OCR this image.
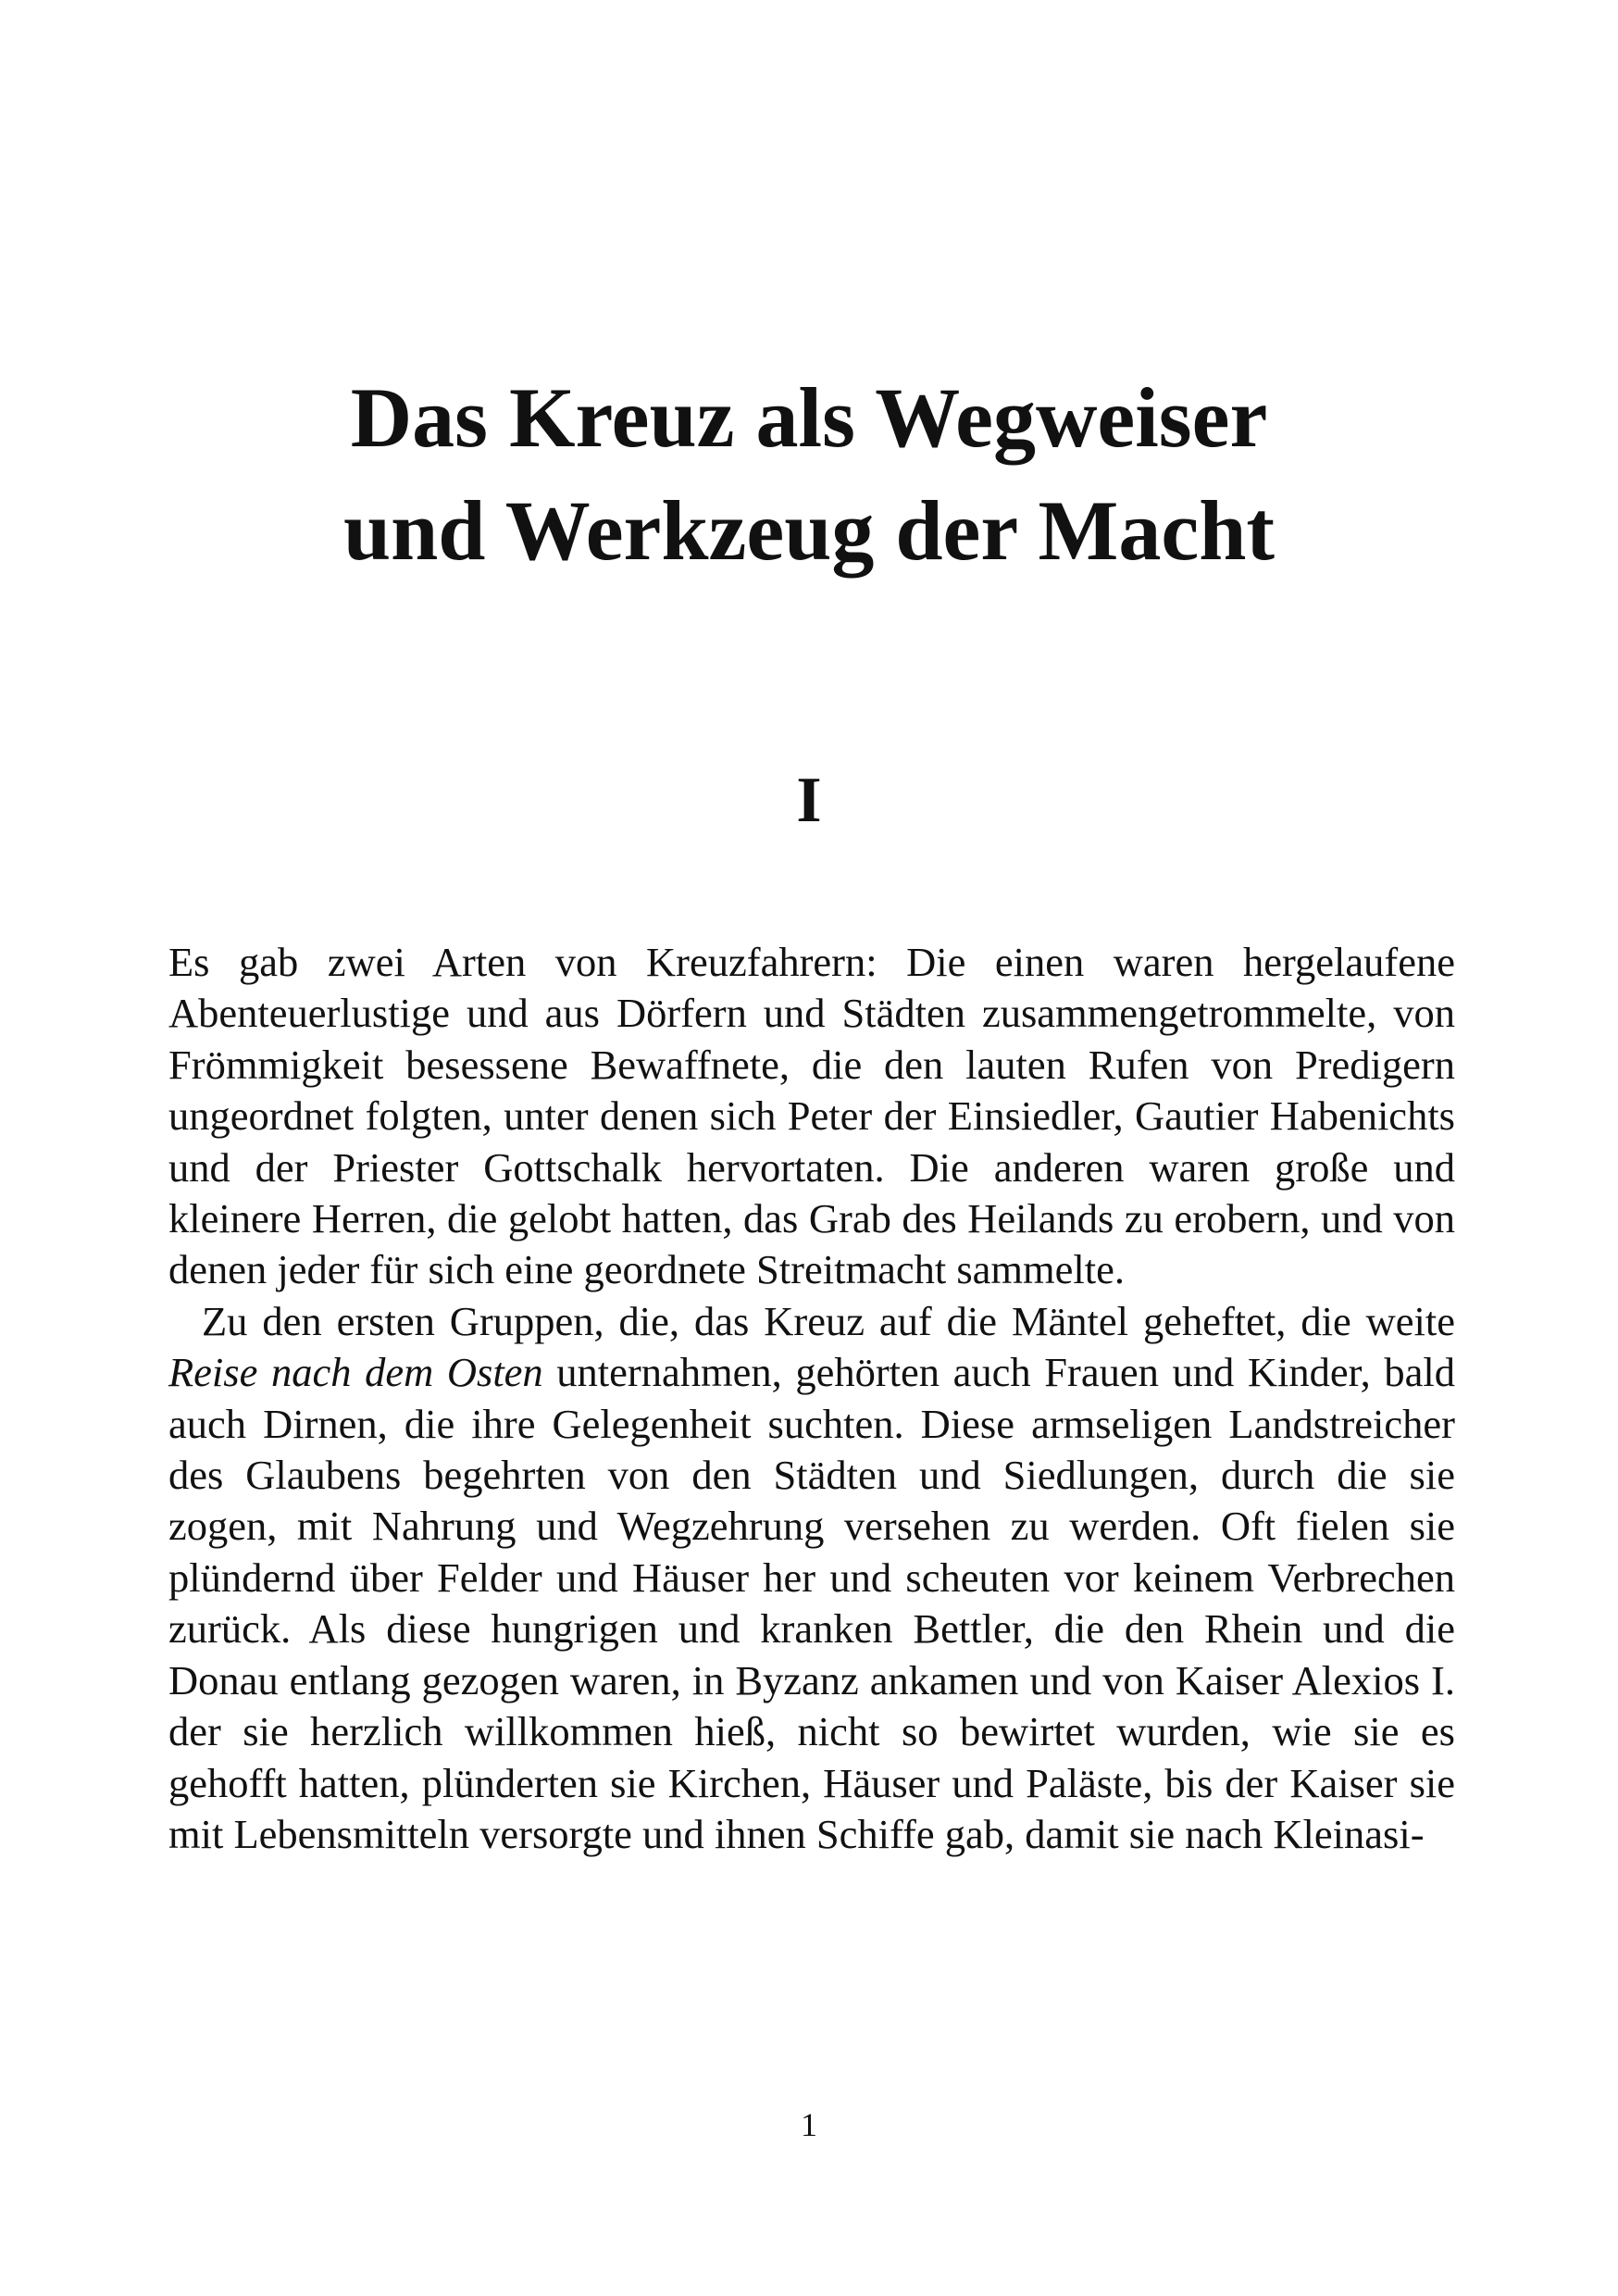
Das Kreuz als Wegweiser
und Werkzeug der Macht
I

Es gab zwei Arten von Kreuzfahrern: Die einen waren hergelaufene Abenteuerlustige und aus Dörfern und Städten zusammengetrommelte, von Frömmigkeit besessene Bewaffnete, die den lauten Rufen von Predigern ungeordnet folgten, unter denen sich Peter der Einsiedler, Gautier Habenichts und der Priester Gottschalk hervortaten. Die anderen waren große und kleinere Herren, die gelobt hatten, das Grab des Heilands zu erobern, und von denen jeder für sich eine geordnete Streitmacht sammelte.

Zu den ersten Gruppen, die, das Kreuz auf die Mäntel geheftet, die weite Reise nach dem Osten unternahmen, gehörten auch Frauen und Kinder, bald auch Dirnen, die ihre Gelegenheit suchten. Diese armseligen Landstreicher des Glaubens begehrten von den Städten und Siedlungen, durch die sie zogen, mit Nahrung und Wegzehrung versehen zu werden. Oft fielen sie plündernd über Felder und Häuser her und scheuten vor keinem Verbrechen zurück. Als diese hungrigen und kranken Bettler, die den Rhein und die Donau entlang gezogen waren, in Byzanz ankamen und von Kaiser Alexios I. der sie herzlich willkommen hieß, nicht so bewirtet wurden, wie sie es gehofft hatten, plünderten sie Kirchen, Häuser und Paläste, bis der Kaiser sie mit Lebensmitteln versorgte und ihnen Schiffe gab, damit sie nach Kleinasi-

1
